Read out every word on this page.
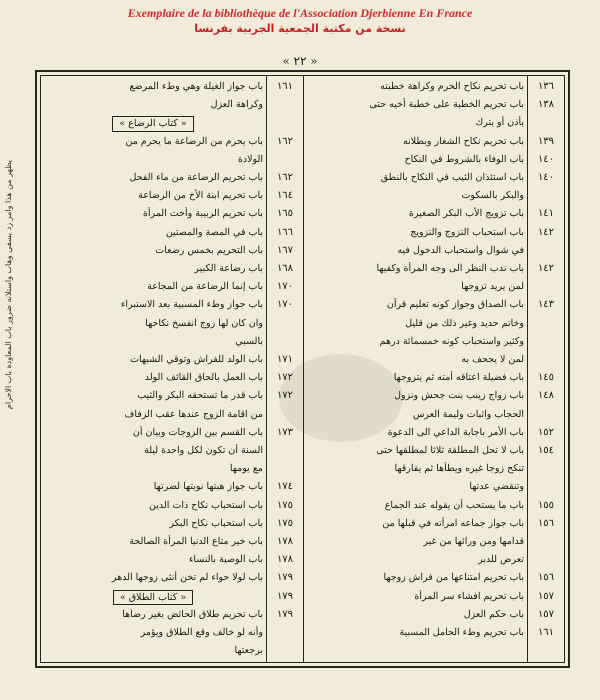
Exemplaire de la bibliothèque de l'Association Djerbienne En France
نسخة من مكتبة الجمعية الجربية بفرنسا
« ٢٢ »
يظهر من هذا وامر زد يسقي وهاب واستلانه ضرور باب المعاودة باب الاحرام
١٣٦
باب تحريم نكاح الحرم وكراهة خطبته
١٣٨
باب تحريم الخطبة على خطبة أخيه حتى
يأذن أو يترك
١٣٩
باب تحريم نكاح الشغار وبطلانه
١٤٠
باب الوفاء بالشروط في النكاح
١٤٠
باب استئذان الثيب في النكاح بالنطق
والبكر بالسكوت
١٤١
باب تزويج الأب البكر الصغيرة
١٤٢
باب استحباب التزوج والتزويج
في شوال واستحباب الدخول فيه
١٤٢
باب ندب النظر الى وجه المرأة وكفيها
لمن يريد تزوجها
١٤٣
باب الصداق وجواز كونه تعليم قرآن
وخاتم حديد وغير ذلك من قليل
وكثير واستحباب كونه خمسمائة درهم
لمن لا يجحف به
١٤٥
باب فضيلة اعتاقه أمته ثم يتزوجها
١٤٨
باب زواج زينب بنت جحش ونزول
الحجاب واثبات وليمة العرس
١٥٢
باب الأمر باجابة الداعي الى الدعوة
١٥٤
باب لا تحل المطلقة ثلاثا لمطلقها حتى
تنكح زوجا غيره ويطأها ثم يفارقها
وتنقضي عدتها
١٥٥
باب ما يستحب أن يقوله عند الجماع
١٥٦
باب جواز جماعه امرأته في قبلها من
قدامها ومن ورائها من غير
تعرض للدبر
١٥٦
باب تحريم امتناعها من فراش زوجها
١٥٧
باب تحريم افشاء سر المرأة
١٥٧
باب حكم العزل
١٦١
باب تحريم وطء الحامل المسبية
١٦١
باب جواز الغيلة وهي وطء المرضع
وكراهة العزل
« كتاب الرضاع »
١٦٢
باب يحرم من الرضاعة ما يحرم من
الولادة
١٦٢
باب تحريم الرضاعة من ماء الفحل
١٦٤
باب تحريم ابنة الأخ من الرضاعة
١٦٥
باب تحريم الربيبة وأخت المرأة
١٦٦
باب في المصة والمصتين
١٦٧
باب التحريم بخمس رضعات
١٦٨
باب رضاعة الكبير
١٧٠
باب إنما الرضاعة من المجاعة
١٧٠
باب جواز وطء المسبية بعد الاستبراء
وان كان لها زوج انفسخ نكاحها
بالسبي
١٧١
باب الولد للفراش وتوقي الشبهات
١٧٢
باب العمل بالحاق القائف الولد
١٧٢
باب قدر ما تستحقه البكر والثيب
من اقامة الزوج عندها عقب الزفاف
١٧٣
باب القسم بين الزوجات وبيان أن
السنة أن تكون لكل واحدة ليلة
مع يومها
١٧٤
باب جواز هبتها نوبتها لضرتها
١٧٥
باب استحباب نكاح ذات الدين
١٧٥
باب استحباب نكاح البكر
١٧٨
باب خير متاع الدنيا المرأة الصالحة
١٧٨
باب الوصية بالنساء
١٧٩
باب لولا حواء لم تخن أنثى زوجها الدهر
١٧٩
« كتاب الطلاق »
١٧٩
باب تحريم طلاق الحائض بغير رضاها
وأنه لو خالف وقع الطلاق ويؤمر
برجعتها
